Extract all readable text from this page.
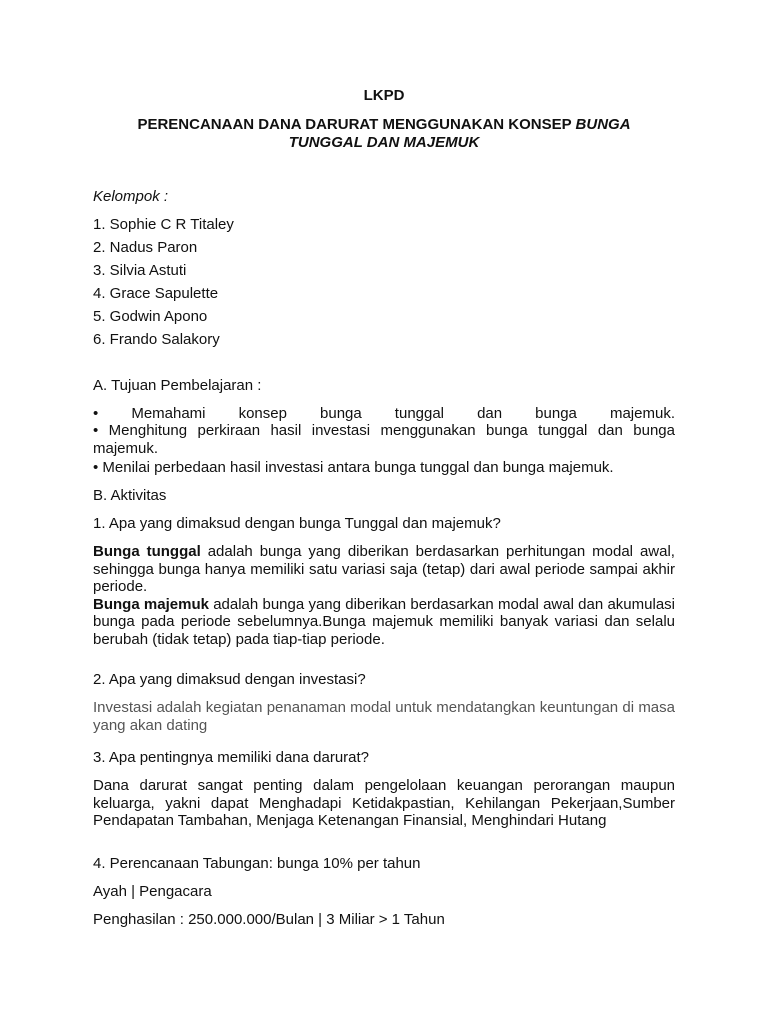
LKPD

PERENCANAAN DANA DARURAT MENGGUNAKAN KONSEP BUNGA
TUNGGAL DAN MAJEMUK

Kelompok :

1. Sophie C R Titaley

2. Nadus Paron

3. Silvia Astuti

4. Grace Sapulette

5. Godwin Apono

6. Frando Salakory

A. Tujuan Pembelajaran :

• Memahami konsep bunga tunggal dan bunga majemuk.

• Menghitung perkiraan hasil investasi menggunakan bunga tunggal dan bunga majemuk.

• Menilai perbedaan hasil investasi antara bunga tunggal dan bunga majemuk.

B. Aktivitas

1. Apa yang dimaksud dengan bunga Tunggal dan majemuk?

Bunga tunggal adalah bunga yang diberikan berdasarkan perhitungan modal awal, sehingga bunga hanya memiliki satu variasi saja (tetap) dari awal periode sampai akhir periode.
Bunga majemuk adalah bunga yang diberikan berdasarkan modal awal dan akumulasi bunga pada periode sebelumnya.Bunga majemuk memiliki banyak variasi dan selalu berubah (tidak tetap) pada tiap-tiap periode.

2. Apa yang dimaksud dengan investasi?

Investasi adalah kegiatan penanaman modal untuk mendatangkan keuntungan di masa yang akan dating

3. Apa pentingnya memiliki dana darurat?

Dana darurat sangat penting dalam pengelolaan keuangan perorangan maupun keluarga, yakni dapat Menghadapi Ketidakpastian, Kehilangan Pekerjaan,Sumber Pendapatan Tambahan, Menjaga Ketenangan Finansial, Menghindari Hutang

4. Perencanaan Tabungan: bunga 10% per tahun

Ayah | Pengacara

Penghasilan : 250.000.000/Bulan | 3 Miliar > 1 Tahun
